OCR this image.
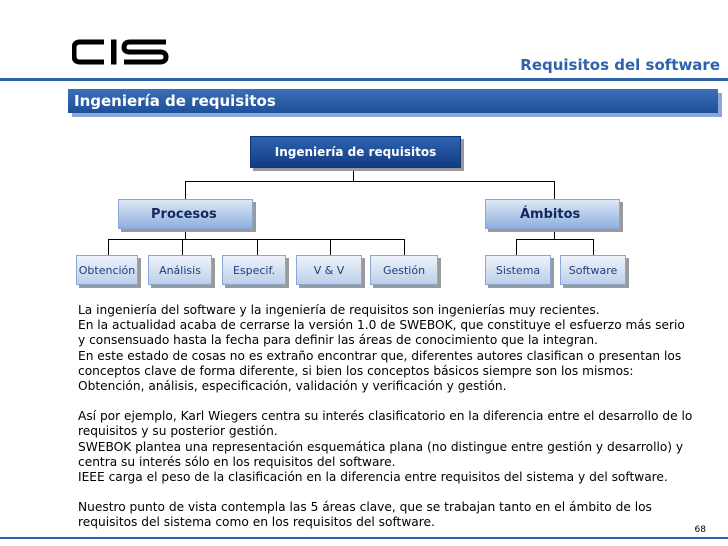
Requisitos del software
Ingeniería de requisitos
Ingeniería de requisitos
Procesos	Ámbitos
Obtención	Análisis	Especif.	V & V	Gestión	Sistema	Software

La ingeniería del software y la ingeniería de requisitos son ingenierías muy recientes.
En la actualidad acaba de cerrarse la versión 1.0 de SWEBOK, que constituye el esfuerzo más serio
y consensuado hasta la fecha para definir las áreas de conocimiento que la integran.
En este estado de cosas no es extraño encontrar que, diferentes autores clasifican o presentan los
conceptos clave de forma diferente, si bien los conceptos básicos siempre son los mismos:
Obtención, análisis, especificación, validación y verificación y gestión.

Así por ejemplo, Karl Wiegers centra su interés clasificatorio en la diferencia entre el desarrollo de lo
requisitos y su posterior gestión.
SWEBOK plantea una representación esquemática plana (no distingue entre gestión y desarrollo) y
centra su interés sólo en los requisitos del software.
IEEE carga el peso de la clasificación en la diferencia entre requisitos del sistema y del software.

Nuestro punto de vista contempla las 5 áreas clave, que se trabajan tanto en el ámbito de los
requisitos del sistema como en los requisitos del software.

68
